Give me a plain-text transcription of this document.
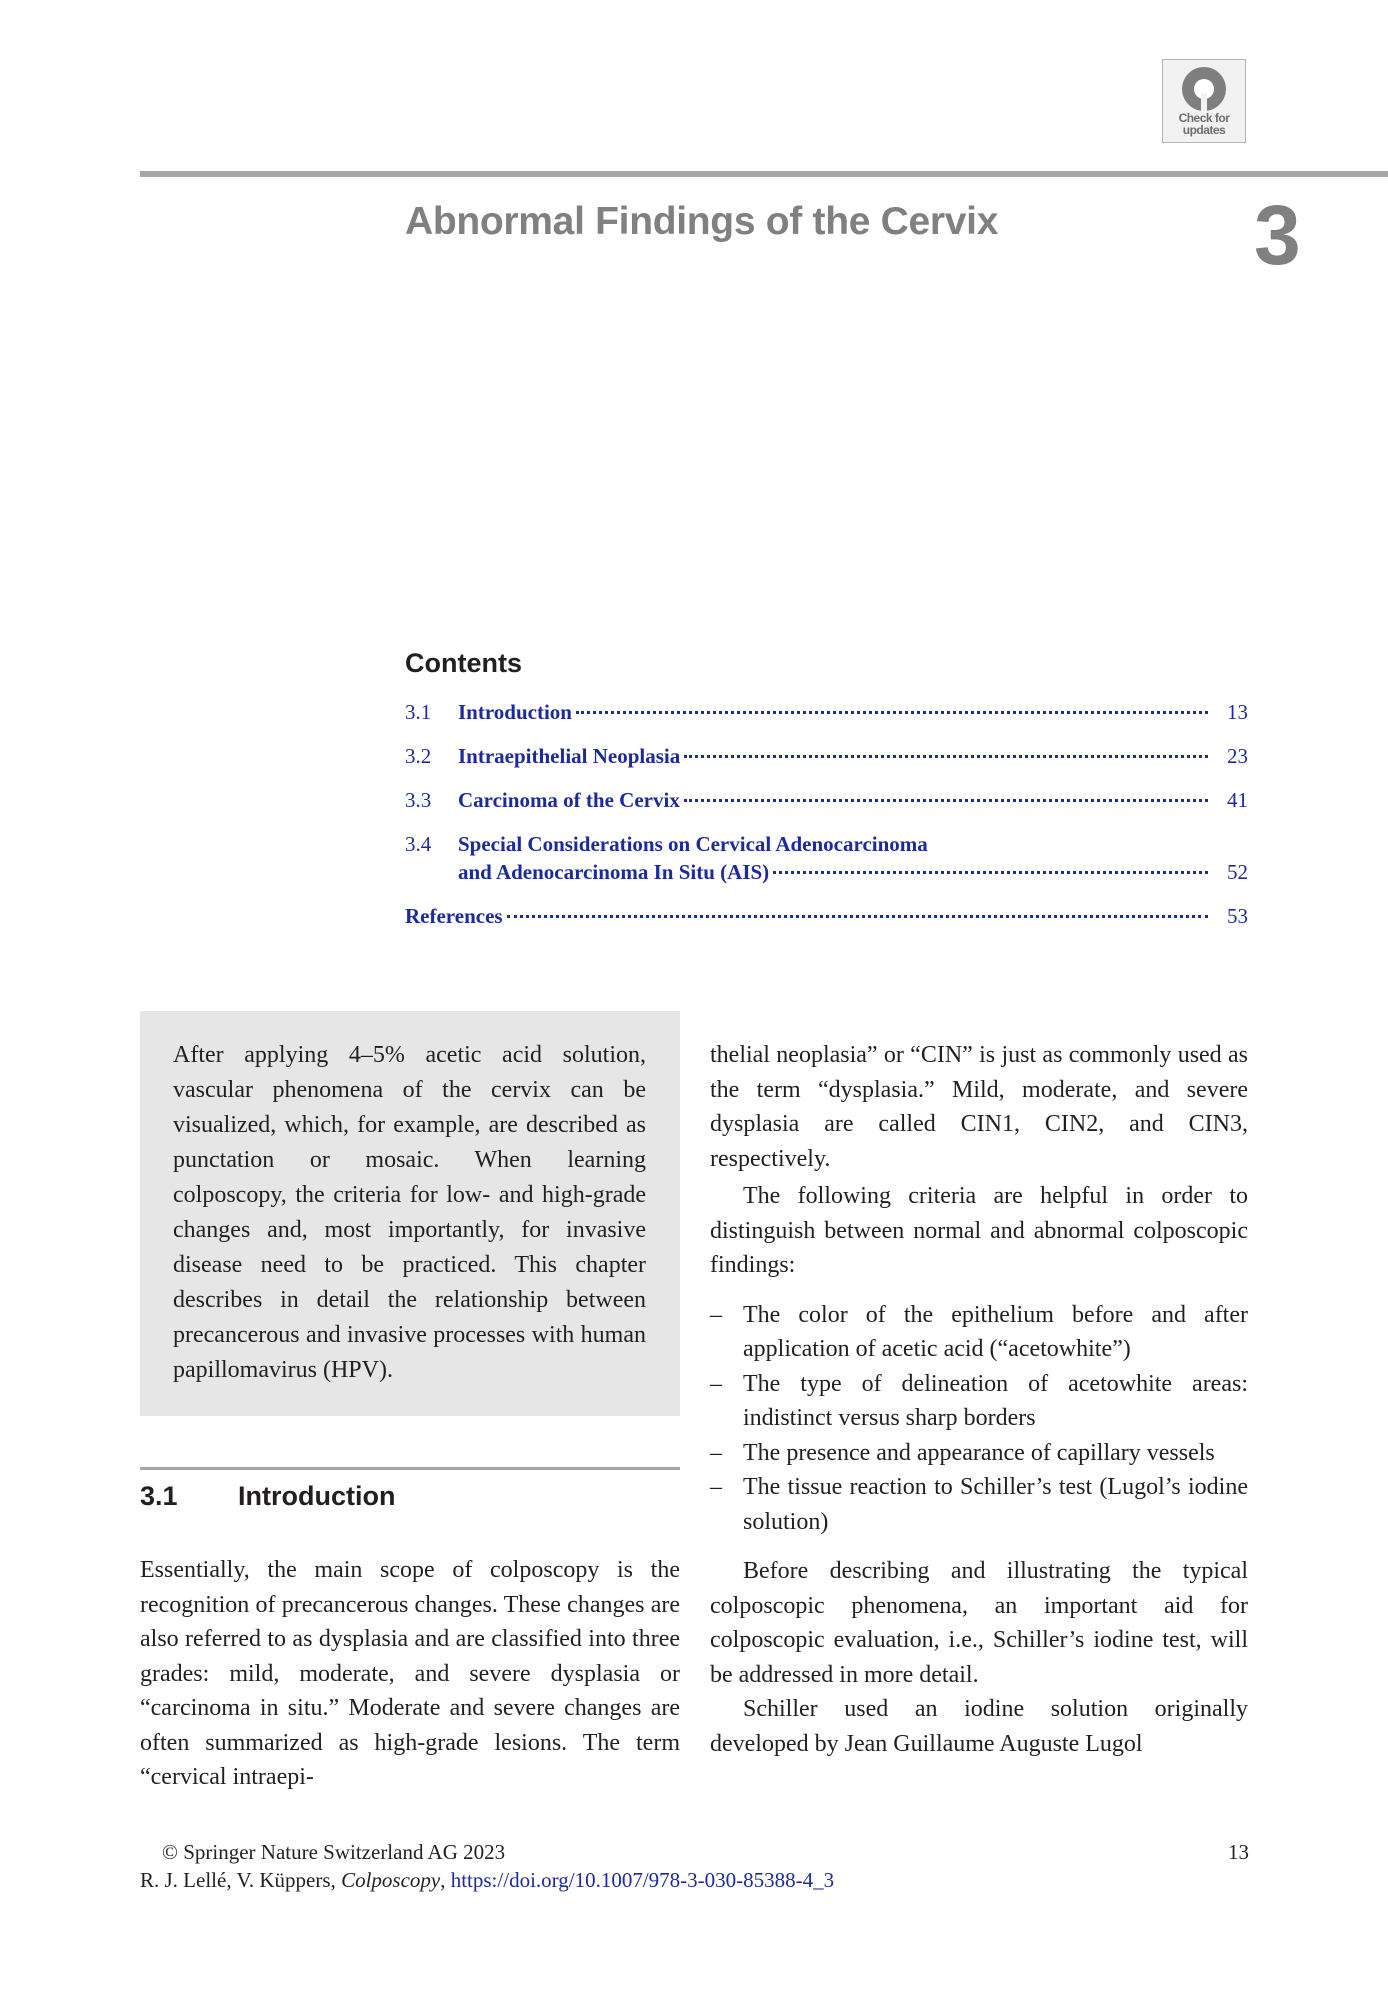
Check for
updates
Abnormal Findings of the Cervix	3
Contents
3.1 Introduction	13
3.2 Intraepithelial Neoplasia	23
3.3 Carcinoma of the Cervix	41
3.4 Special Considerations on Cervical Adenocarcinoma
and Adenocarcinoma In Situ (AIS)	52
References	53
After applying 4–5% acetic acid solution, vascular phenomena of the cervix can be visualized, which, for example, are described as punctation or mosaic. When learning colposcopy, the criteria for low- and high-grade changes and, most importantly, for invasive disease need to be practiced. This chapter describes in detail the relationship between precancerous and invasive processes with human papillomavirus (HPV).
3.1 Introduction

Essentially, the main scope of colposcopy is the recognition of precancerous changes. These changes are also referred to as dysplasia and are classified into three grades: mild, moderate, and severe dysplasia or “carcinoma in situ.” Moderate and severe changes are often summarized as high-grade lesions. The term “cervical intraepi-

thelial neoplasia” or “CIN” is just as commonly used as the term “dysplasia.” Mild, moderate, and severe dysplasia are called CIN1, CIN2, and CIN3, respectively.

The following criteria are helpful in order to distinguish between normal and abnormal colposcopic findings:

– The color of the epithelium before and after application of acetic acid (“acetowhite”)
– The type of delineation of acetowhite areas: indistinct versus sharp borders
– The presence and appearance of capillary vessels
– The tissue reaction to Schiller’s test (Lugol’s iodine solution)

Before describing and illustrating the typical colposcopic phenomena, an important aid for colposcopic evaluation, i.e., Schiller’s iodine test, will be addressed in more detail.

Schiller used an iodine solution originally developed by Jean Guillaume Auguste Lugol

© Springer Nature Switzerland AG 2023	13
R. J. Lellé, V. Küppers, Colposcopy, https://doi.org/10.1007/978-3-030-85388-4_3
